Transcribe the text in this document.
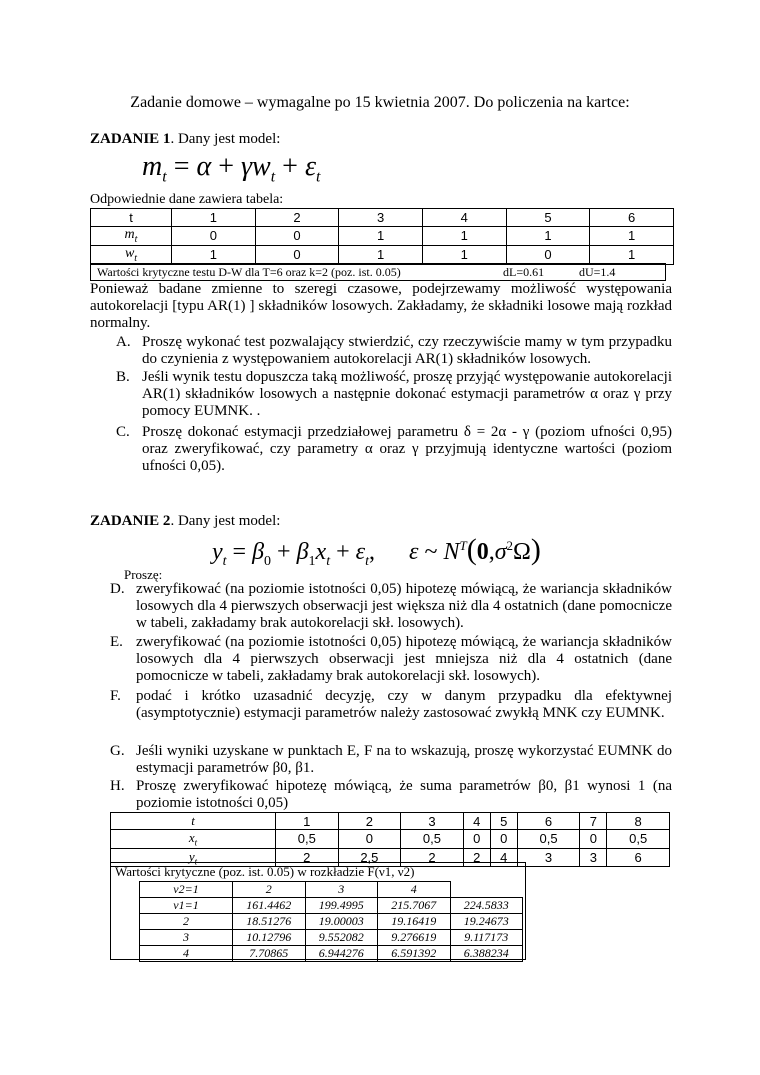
Zadanie domowe – wymagalne po 15 kwietnia 2007. Do policzenia na kartce:
ZADANIE 1. Dany jest model:
$m_t = \alpha + \gamma w_t + \varepsilon_t$
Odpowiednie dane zawiera tabela:
t	1	2	3	4	5	6
$m_t$	0	0	1	1	1	1
$w_t$	1	0	1	1	0	1
Wartości krytyczne testu D-W dla T=6 oraz k=2 (poz. ist. 0.05)	dL=0.61	dU=1.4
Ponieważ badane zmienne to szeregi czasowe, podejrzewamy możliwość występowania autokorelacji [typu AR(1) ] składników losowych. Zakładamy, że składniki losowe mają rozkład normalny.
A. Proszę wykonać test pozwalający stwierdzić, czy rzeczywiście mamy w tym przypadku do czynienia z występowaniem autokorelacji AR(1) składników losowych.
B. Jeśli wynik testu dopuszcza taką możliwość, proszę przyjąć występowanie autokorelacji AR(1) składników losowych a następnie dokonać estymacji parametrów α oraz γ przy pomocy EUMNK. .
C. Proszę dokonać estymacji przedziałowej parametru δ = 2α - γ (poziom ufności 0,95) oraz zweryfikować, czy parametry α oraz γ przyjmują identyczne wartości (poziom ufności 0,05).
ZADANIE 2. Dany jest model:
$y_t = \beta_0 + \beta_1x_t + \varepsilon_t$, ε ~ $N^T(0,\sigma^2\Omega)$
Proszę:
D. zweryfikować (na poziomie istotności 0,05) hipotezę mówiącą, że wariancja składników losowych dla 4 pierwszych obserwacji jest większa niż dla 4 ostatnich (dane pomocnicze w tabeli, zakładamy brak autokorelacji skł. losowych).
E. zweryfikować (na poziomie istotności 0,05) hipotezę mówiącą, że wariancja składników losowych dla 4 pierwszych obserwacji jest mniejsza niż dla 4 ostatnich (dane pomocnicze w tabeli, zakładamy brak autokorelacji skł. losowych).
F. podać i krótko uzasadnić decyzję, czy w danym przypadku dla efektywnej (asymptotycznie) estymacji parametrów należy zastosować zwykłą MNK czy EUMNK.
G. Jeśli wyniki uzyskane w punktach E, F na to wskazują, proszę wykorzystać EUMNK do estymacji parametrów β0, β1.
H. Proszę zweryfikować hipotezę mówiącą, że suma parametrów β0, β1 wynosi 1 (na poziomie istotności 0,05)
t	1	2	3	4	5	6	7	8
$x_t$	0,5	0	0,5	0	0	0,5	0	0,5
$y_t$	2	2,5	2	2	4	3	3	6
Wartości krytyczne (poz. ist. 0.05) w rozkładzie F(ν1, ν2)
ν2=1	2	3	4	
ν1=1	161.4462	199.4995	215.7067	224.5833
2	18.51276	19.00003	19.16419	19.24673
3	10.12796	9.552082	9.276619	9.117173
4	7.70865	6.944276	6.591392	6.388234
